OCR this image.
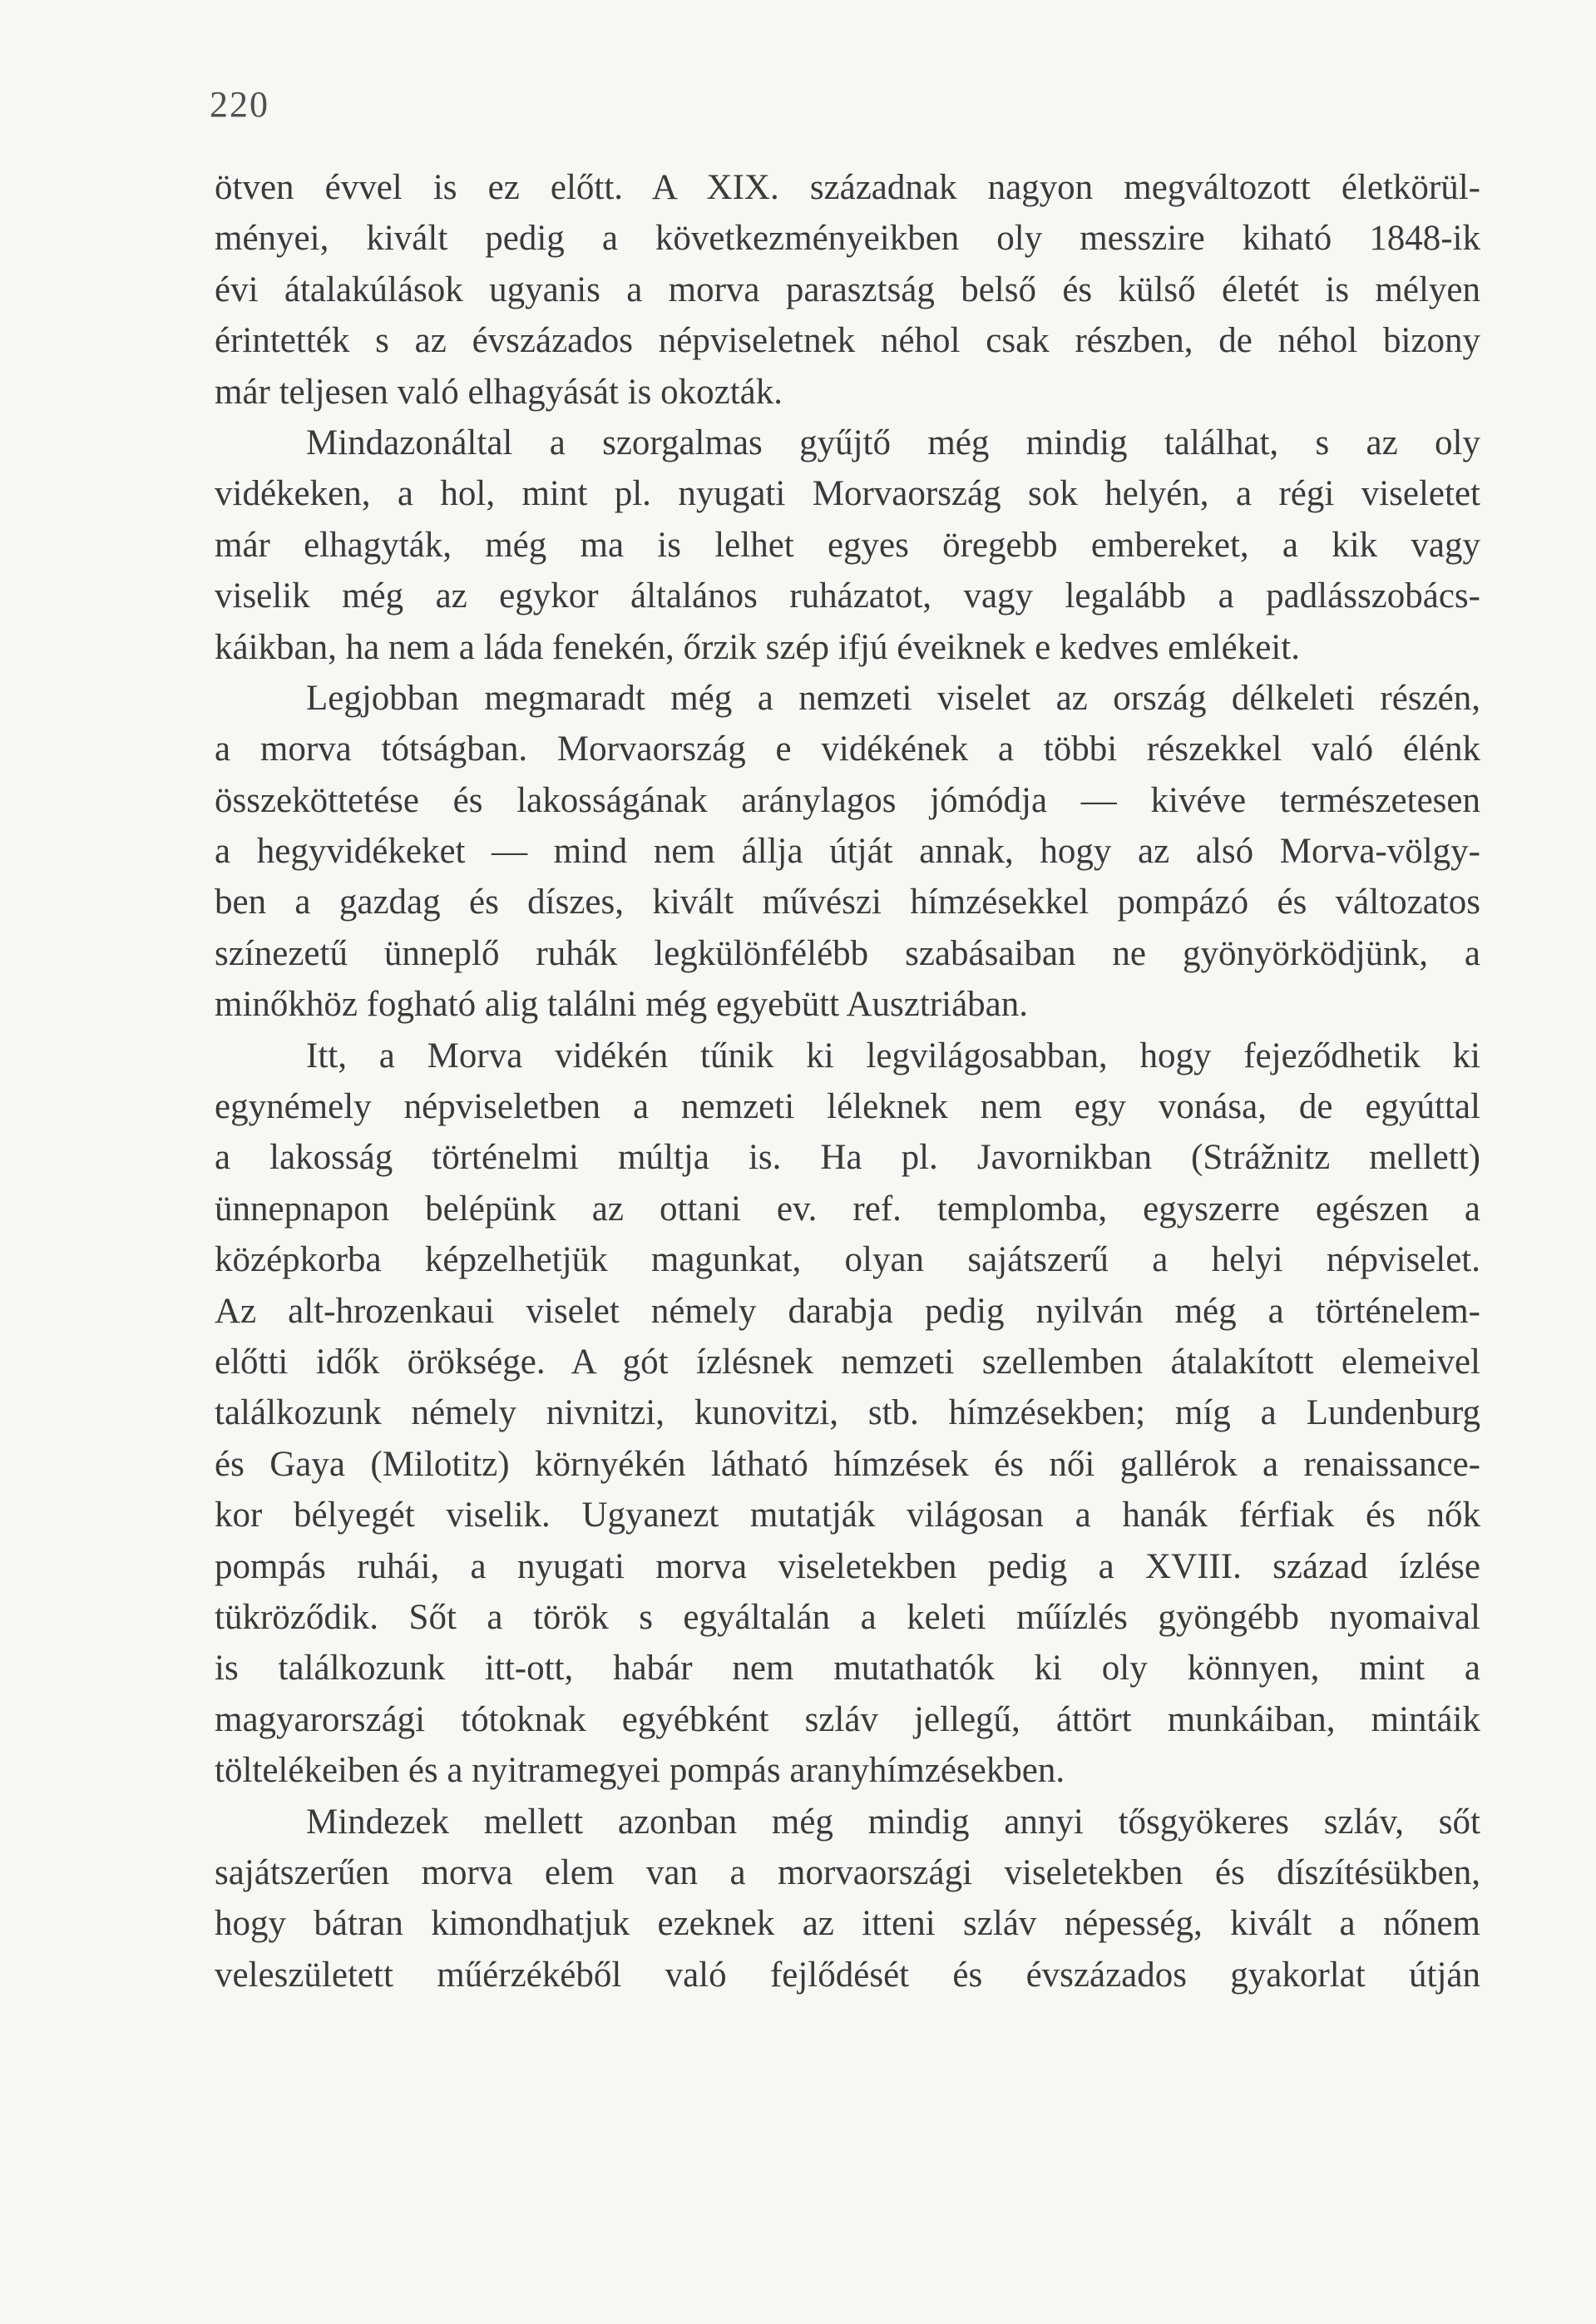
220
ötven évvel is ez előtt. A XIX. századnak nagyon megváltozott életkörül-
ményei, kivált pedig a következményeikben oly messzire kiható 1848-ik
évi átalakúlások ugyanis a morva parasztság belső és külső életét is mélyen
érintették s az évszázados népviseletnek néhol csak részben, de néhol bizony
már teljesen való elhagyását is okozták.
Mindazonáltal a szorgalmas gyűjtő még mindig találhat, s az oly
vidékeken, a hol, mint pl. nyugati Morvaország sok helyén, a régi viseletet
már elhagyták, még ma is lelhet egyes öregebb embereket, a kik vagy
viselik még az egykor általános ruházatot, vagy legalább a padlásszobács-
káikban, ha nem a láda fenekén, őrzik szép ifjú éveiknek e kedves emlékeit.
Legjobban megmaradt még a nemzeti viselet az ország délkeleti részén,
a morva tótságban. Morvaország e vidékének a többi részekkel való élénk
összeköttetése és lakosságának aránylagos jómódja — kivéve természetesen
a hegyvidékeket — mind nem állja útját annak, hogy az alsó Morva-völgy-
ben a gazdag és díszes, kivált művészi hímzésekkel pompázó és változatos
színezetű ünneplő ruhák legkülönfélébb szabásaiban ne gyönyörködjünk, a
minőkhöz fogható alig találni még egyebütt Ausztriában.
Itt, a Morva vidékén tűnik ki legvilágosabban, hogy fejeződhetik ki
egynémely népviseletben a nemzeti léleknek nem egy vonása, de egyúttal
a lakosság történelmi múltja is. Ha pl. Javornikban (Strážnitz mellett)
ünnepnapon belépünk az ottani ev. ref. templomba, egyszerre egészen a
középkorba képzelhetjük magunkat, olyan sajátszerű a helyi népviselet.
Az alt-hrozenkaui viselet némely darabja pedig nyilván még a történelem-
előtti idők öröksége. A gót ízlésnek nemzeti szellemben átalakított elemeivel
találkozunk némely nivnitzi, kunovitzi, stb. hímzésekben; míg a Lundenburg
és Gaya (Milotitz) környékén látható hímzések és női gallérok a renaissance-
kor bélyegét viselik. Ugyanezt mutatják világosan a hanák férfiak és nők
pompás ruhái, a nyugati morva viseletekben pedig a XVIII. század ízlése
tükröződik. Sőt a török s egyáltalán a keleti műízlés gyöngébb nyomaival
is találkozunk itt-ott, habár nem mutathatók ki oly könnyen, mint a
magyarországi tótoknak egyébként szláv jellegű, áttört munkáiban, mintáik
töltelékeiben és a nyitramegyei pompás aranyhímzésekben.
Mindezek mellett azonban még mindig annyi tősgyökeres szláv, sőt
sajátszerűen morva elem van a morvaországi viseletekben és díszítésükben,
hogy bátran kimondhatjuk ezeknek az itteni szláv népesség, kivált a nőnem
veleszületett műérzékéből való fejlődését és évszázados gyakorlat útján
